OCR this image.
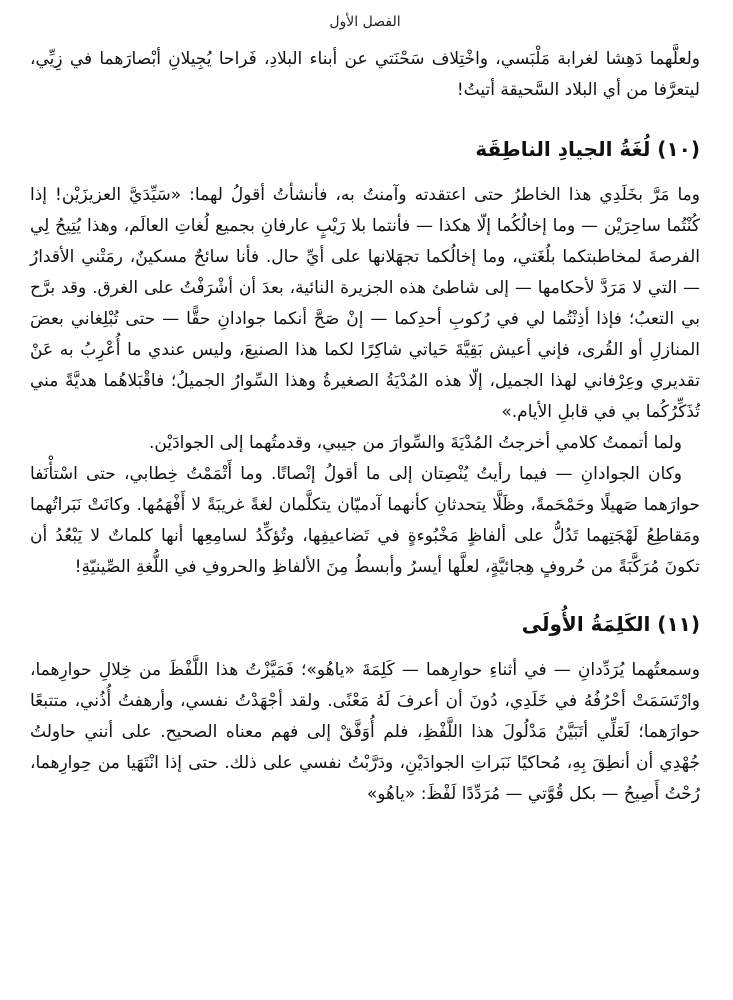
الفصل الأول

ولعلَّهما دَهِشا لغرابة مَلْبَسي، واخْتِلاف سَحْنَتي عن أبناء البلادِ، فَراحا يُجِيلانِ أبْصارَهما في زِيِّي، ليتعرَّفا من أي البلاد السَّحيقة أتيتُ!

(١٠) لُغَةُ الجيادِ الناطِقَة

وما مَرَّ بخَلَدِي هذا الخاطرُ حتى اعتقدته وآمنتُ به، فأنشأتُ أقولُ لهما: «سَيِّدَيَّ العزيزَيْن! إذا كُنْتُما ساحِرَيْن — وما إخالُكُما إلّا هكذا — فأنتما بلا رَيْبٍ عارفانِ بجميع لُغاتِ العالَم، وهذا يُتِيحُ لِي الفرصةَ لمخاطبتكما بلُغَتي، وما إخالُكما تجهَلانها على أيِّ حال. فأنا سائحٌ مسكينٌ، رمَتْني الأقدارُ — التي لا مَرَدَّ لأحكامها — إلى شاطئ هذه الجزيرة النائية، بعدَ أن أشْرَفْتُ على الغرق. وقد برَّح بي التعبُ؛ فإذا أذِنْتُما لي في رُكوبِ أحدِكما — إنْ صَحَّ أنكما جوادانِ حقًّا — حتى تُبْلِغاني بعضَ المنازلِ أو القُرى، فإني أعيش بَقِيَّةَ حَياتي شاكِرًا لكما هذا الصنيعَ، وليس عندي ما أُعْرِبُ به عَنْ تقديري وعِرْفاني لهذا الجميل، إلّا هذه المُدْيَةُ الصغيرةُ وهذا السِّوارُ الجميلُ؛ فاقْبَلاهُما هديَّةً مني تُذَكِّرُكُما بي في قابلِ الأيام.»

ولما أتممتُ كلامي أخرجتُ المُدْيَةَ والسِّوارَ من جيبي، وقدمتُهما إلى الجوادَيْن.

وكان الجوادانِ — فيما رأيتُ يُنْصِتان إلى ما أقولُ إنْصاتًا. وما أَتْمَمْتُ خِطابي، حتى اسْتأْنَفا حوارَهما صَهيلًا وحَمْحَمةً، وظَلَّا يتحدثانِ كأنهما آدميّان يتكلَّمان لغةً غريبَةً لا أَفْهَمُها. وكانَتْ نَبَراتُهما ومَقاطِعُ لَهْجَتِهما تَدُلُّ على ألفاظٍ مَخْبُوءةٍ في تَضاعيفِها، وتُؤكِّدُ لسامِعِها أنها كلماتٌ لا يَبْعُدُ أن تكونَ مُرَكَّبَةً من حُروفٍ هِجائيَّةٍ، لعلَّها أيسرُ وأبسطُ مِنَ الألفاظِ والحروفِ في اللُّغةِ الصِّينيّةِ!

(١١) الكَلِمَةُ الأُولَى

وسمعتُهما يُرَدِّدانِ — في أثناءِ حوارِهما — كَلِمَةَ «ياهُو»؛ فَمَيَّزْتُ هذا اللَّفْظَ من خِلالِ حوارِهما، وارْتَسَمَتْ أحْرُفُهُ في خَلَدِي، دُونَ أن أعرفَ لَهُ مَعْنًى. ولقد أجْهَدْتُ نفسي، وأرهفتُ أُذُني، متتبعًا حوارَهما؛ لَعَلِّي أتَبَيَّنُ مَدْلُولَ هذا اللَّفْظِ، فلم أُوَفَّقْ إلى فهم معناه الصحيح. على أنني حاولتُ جُهْدِي أن أنطِقَ بِهِ، مُحاكيًا نَبَراتِ الجوادَيْنِ، ودَرَّبْتُ نفسي على ذلك. حتى إذا انْتَهَيا من حِوارِهما، رُحْتُ أَصِيحُ — بكل قُوَّتي — مُرَدِّدًا لَفْظَ: «ياهُو»
